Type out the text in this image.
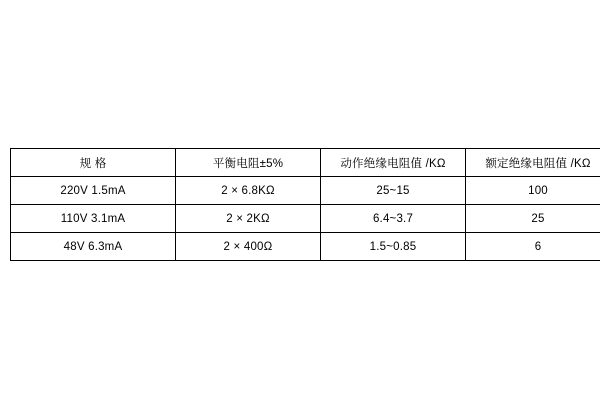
规 格	平衡电阻±5%	动作绝缘电阻值 /KΩ	额定绝缘电阻值 /KΩ
220V 1.5mA	2 × 6.8KΩ	25~15	100
110V 3.1mA	2 × 2KΩ	6.4~3.7	25
48V 6.3mA	2 × 400Ω	1.5~0.85	6
